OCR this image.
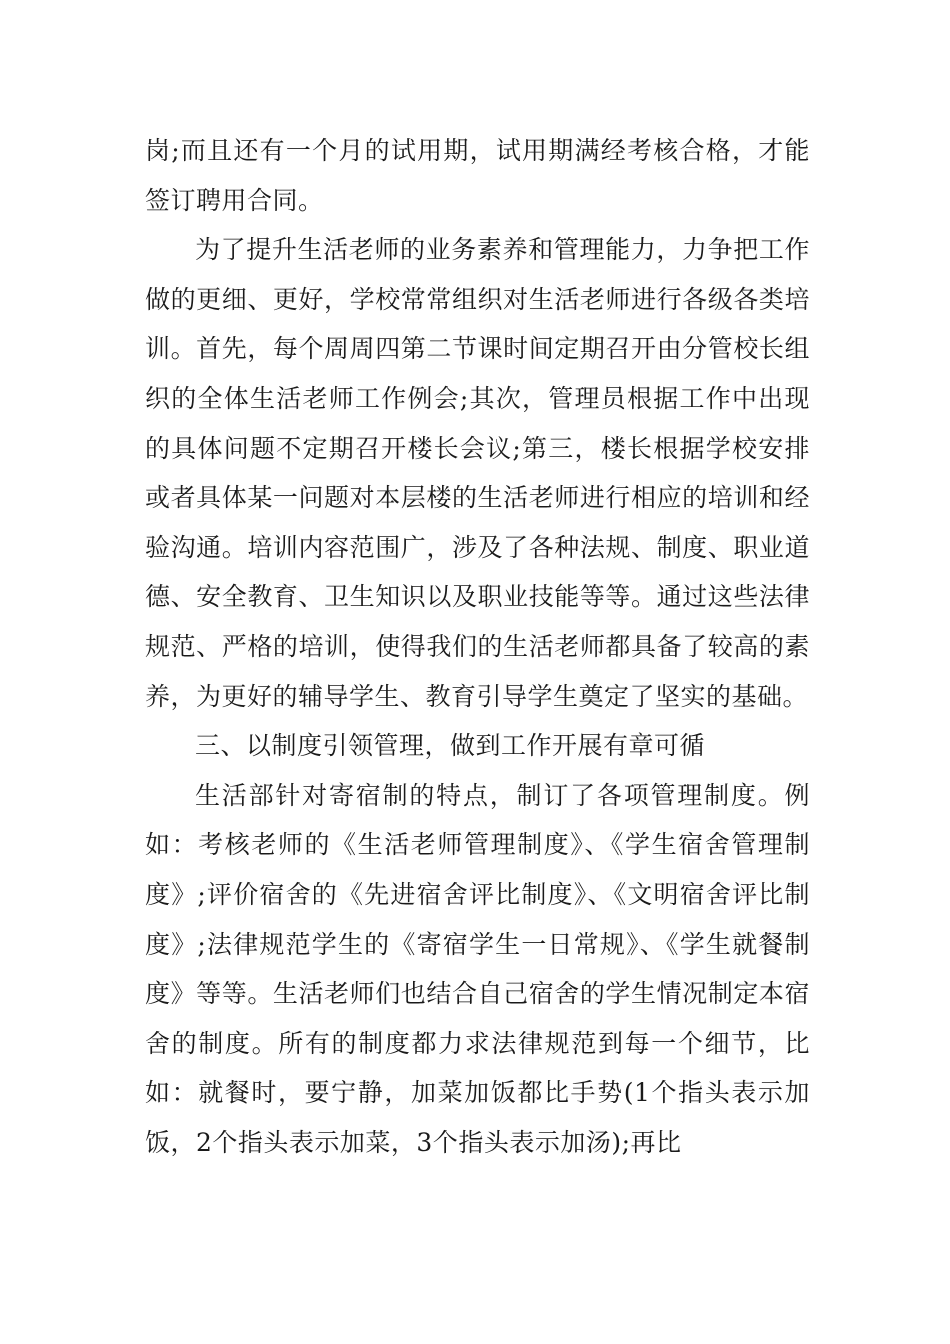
岗;而且还有一个月的试用期，试用期满经考核合格，才能签订聘用合同。

为了提升生活老师的业务素养和管理能力，力争把工作做的更细、更好，学校常常组织对生活老师进行各级各类培训。首先，每个周周四第二节课时间定期召开由分管校长组织的全体生活老师工作例会;其次，管理员根据工作中出现的具体问题不定期召开楼长会议;第三，楼长根据学校安排或者具体某一问题对本层楼的生活老师进行相应的培训和经验沟通。培训内容范围广，涉及了各种法规、制度、职业道德、安全教育、卫生知识以及职业技能等等。通过这些法律规范、严格的培训，使得我们的生活老师都具备了较高的素养，为更好的辅导学生、教育引导学生奠定了坚实的基础。

三、以制度引领管理，做到工作开展有章可循

生活部针对寄宿制的特点，制订了各项管理制度。例如：考核老师的《生活老师管理制度》、《学生宿舍管理制度》;评价宿舍的《先进宿舍评比制度》、《文明宿舍评比制度》;法律规范学生的《寄宿学生一日常规》、《学生就餐制度》等等。生活老师们也结合自己宿舍的学生情况制定本宿舍的制度。所有的制度都力求法律规范到每一个细节，比如：就餐时，要宁静，加菜加饭都比手势(1个指头表示加饭，2个指头表示加菜，3个指头表示加汤);再比
